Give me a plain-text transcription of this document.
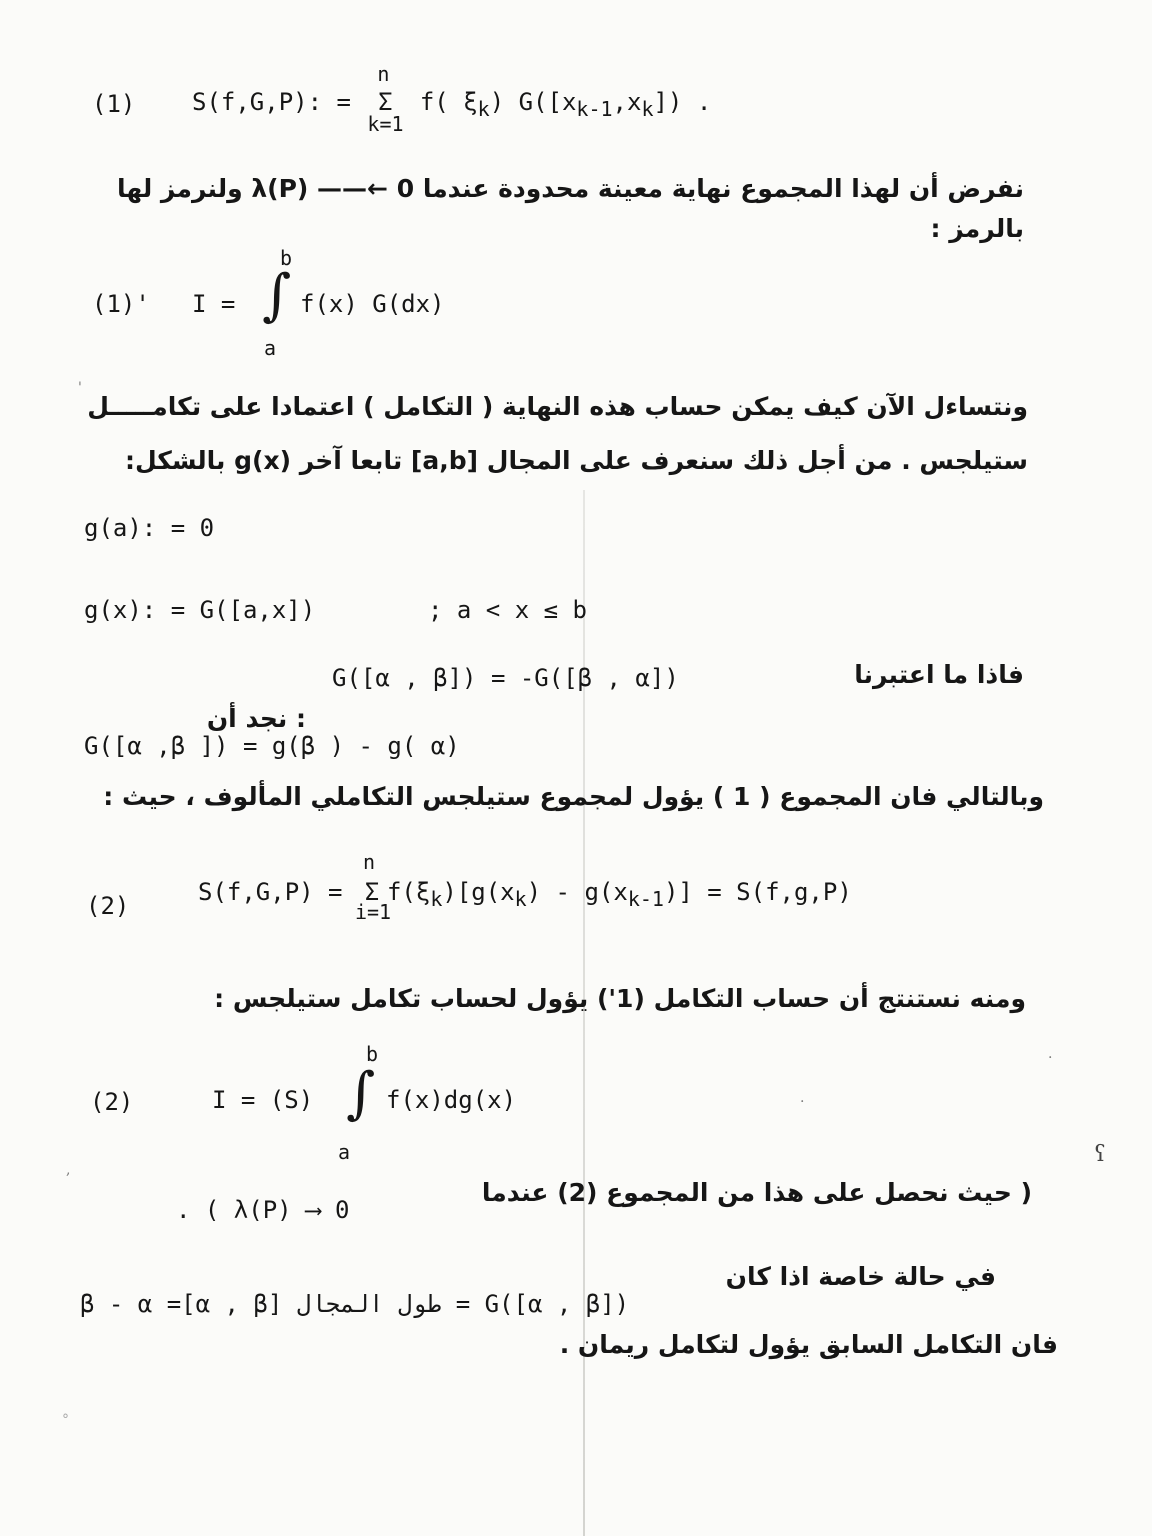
(1) S(f,G,P): =
n
Σ
k=1
f( $\xi_k$) $G([x_{k-1},x_k])$ .
نفرض أن لهذا المجموع نهاية معينة محدودة عندما 0 ←—— λ(P) ولنرمز لها
بالرمز :
(1)' I = ∫
b
a
f(x) G(dx)
ونتساءل الآن كيف يمكن حساب هذه النهاية ( التكامل ) اعتمادا على تكامـــــل
ستيلجس . من أجل ذلك سنعرف على المجال [a,b] تابعا آخر g(x) بالشكل:
g(a): = 0
g(x): = G([a,x])	; a < x ≤ b
فاذا ما اعتبرنا
G([α , β]) = -G([β , α])
: نجد أن
G([α ,β ]) = g(β ) - g( α)
وبالتالي فان المجموع ( 1 ) يؤول لمجموع ستيلجس التكاملي المألوف ، حيث :
(2)	S(f,G,P) =
n
Σ
i=1
$f(\xi_k)[g(x_k) - g(x_{k-1})] = S(f,g,P)$
ومنه نستنتج أن حساب التكامل (1') يؤول لحساب تكامل ستيلجس :
(2)	I = (S) ∫
b
a
f(x)dg(x)
( حيث نحصل على هذا من المجموع (2) عندما
. ( λ(P) ⟶ 0
في حالة خاصة اذا كان
β - α =[α , β] طول المجال = G([α , β])
فان التكامل السابق يؤول لتكامل ريمان .
'
ʕ
,
.
.
°
